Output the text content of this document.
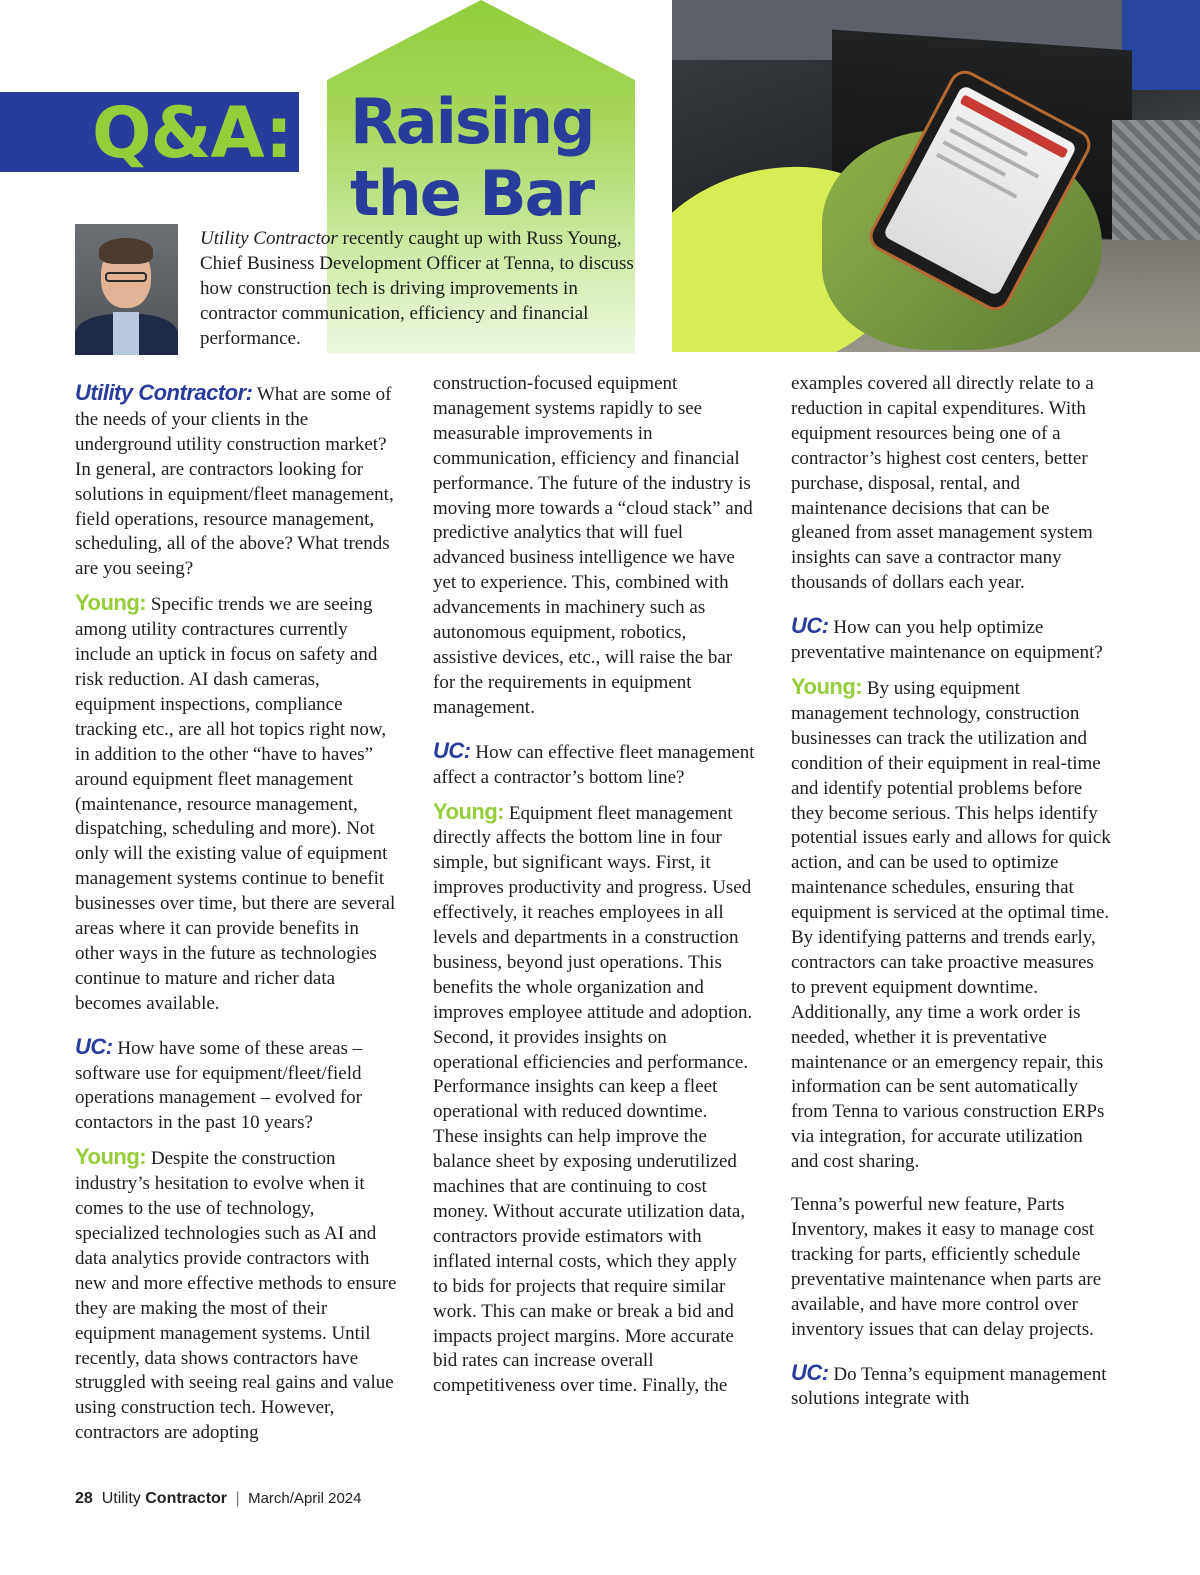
Q&A: Raising
the Bar

Utility Contractor recently caught up with Russ Young, Chief Business Development Officer at Tenna, to discuss how construction tech is driving improvements in contractor communication, efficiency and financial performance.

Utility Contractor: What are some of the needs of your clients in the underground utility construction market? In general, are contractors looking for solutions in equipment/fleet management, field operations, resource management, scheduling, all of the above? What trends are you seeing?

Young: Specific trends we are seeing among utility contractures currently include an uptick in focus on safety and risk reduction. AI dash cameras, equipment inspections, compliance tracking etc., are all hot topics right now, in addition to the other “have to haves” around equipment fleet management (maintenance, resource management, dispatching, scheduling and more). Not only will the existing value of equipment management systems continue to benefit businesses over time, but there are several areas where it can provide benefits in other ways in the future as technologies continue to mature and richer data becomes available.

UC: How have some of these areas – software use for equipment/fleet/field operations management – evolved for contactors in the past 10 years?

Young: Despite the construction industry’s hesitation to evolve when it comes to the use of technology, specialized technologies such as AI and data analytics provide contractors with new and more effective methods to ensure they are making the most of their equipment management systems. Until recently, data shows contractors have struggled with seeing real gains and value using construction tech. However, contractors are adopting

construction-focused equipment management systems rapidly to see measurable improvements in communication, efficiency and financial performance. The future of the industry is moving more towards a “cloud stack” and predictive analytics that will fuel advanced business intelligence we have yet to experience. This, combined with advancements in machinery such as autonomous equipment, robotics, assistive devices, etc., will raise the bar for the requirements in equipment management.

UC: How can effective fleet management affect a contractor’s bottom line?

Young: Equipment fleet management directly affects the bottom line in four simple, but significant ways. First, it improves productivity and progress. Used effectively, it reaches employees in all levels and departments in a construction business, beyond just operations. This benefits the whole organization and improves employee attitude and adoption. Second, it provides insights on operational efficiencies and performance. Performance insights can keep a fleet operational with reduced downtime. These insights can help improve the balance sheet by exposing underutilized machines that are continuing to cost money. Without accurate utilization data, contractors provide estimators with inflated internal costs, which they apply to bids for projects that require similar work. This can make or break a bid and impacts project margins. More accurate bid rates can increase overall competitiveness over time. Finally, the

examples covered all directly relate to a reduction in capital expenditures. With equipment resources being one of a contractor’s highest cost centers, better purchase, disposal, rental, and maintenance decisions that can be gleaned from asset management system insights can save a contractor many thousands of dollars each year.

UC: How can you help optimize preventative maintenance on equipment?

Young: By using equipment management technology, construction businesses can track the utilization and condition of their equipment in real-time and identify potential problems before they become serious. This helps identify potential issues early and allows for quick action, and can be used to optimize maintenance schedules, ensuring that equipment is serviced at the optimal time. By identifying patterns and trends early, contractors can take proactive measures to prevent equipment downtime. Additionally, any time a work order is needed, whether it is preventative maintenance or an emergency repair, this information can be sent automatically from Tenna to various construction ERPs via integration, for accurate utilization and cost sharing.

Tenna’s powerful new feature, Parts Inventory, makes it easy to manage cost tracking for parts, efficiently schedule preventative maintenance when parts are available, and have more control over inventory issues that can delay projects.

UC: Do Tenna’s equipment management solutions integrate with

28 Utility Contractor | March/April 2024
